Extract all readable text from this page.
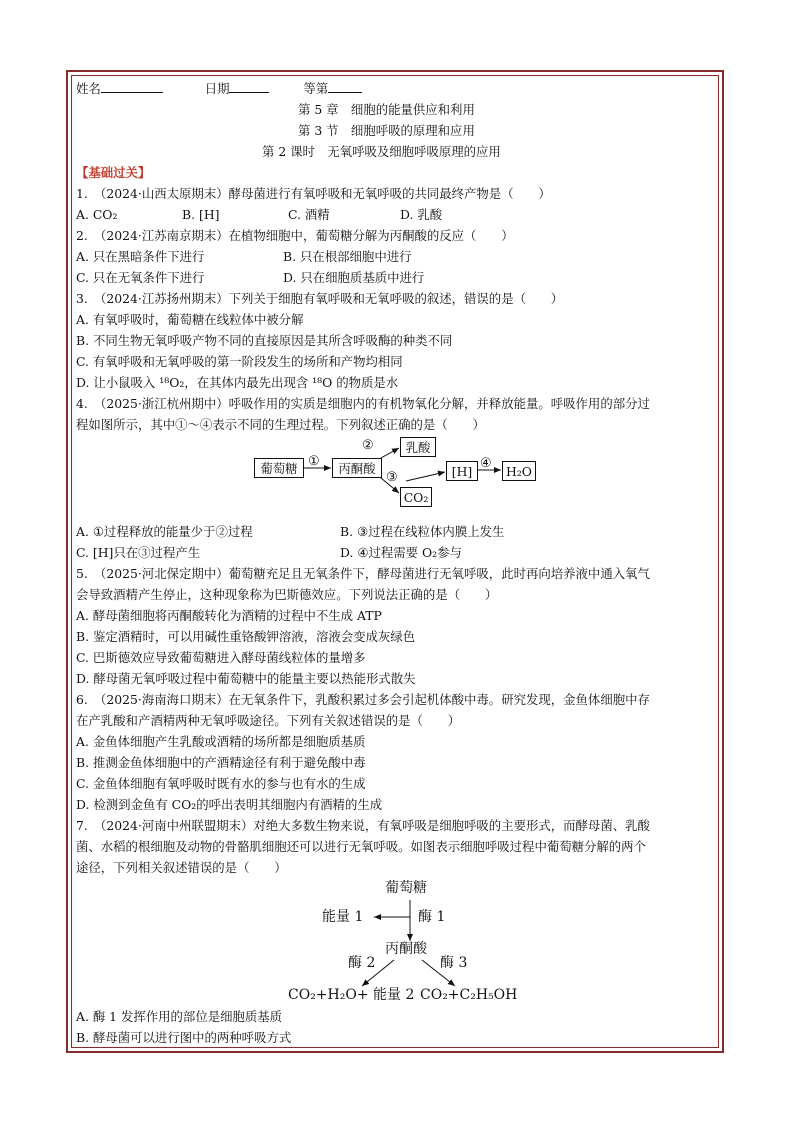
姓名	日期	等第
第 5 章　细胞的能量供应和利用
第 3 节　细胞呼吸的原理和应用
第 2 课时　无氧呼吸及细胞呼吸原理的应用
【基础过关】
1.　（2024·山西太原期末）酵母菌进行有氧呼吸和无氧呼吸的共同最终产物是（　　）
A. CO₂	B. [H]	C. 酒精	D. 乳酸
2.　（2024·江苏南京期末）在植物细胞中，葡萄糖分解为丙酮酸的反应（　　）
A. 只在黑暗条件下进行	B. 只在根部细胞中进行
C. 只在无氧条件下进行	D. 只在细胞质基质中进行
3.　（2024·江苏扬州期末）下列关于细胞有氧呼吸和无氧呼吸的叙述，错误的是（　　）
A. 有氧呼吸时，葡萄糖在线粒体中被分解
B. 不同生物无氧呼吸产物不同的直接原因是其所含呼吸酶的种类不同
C. 有氧呼吸和无氧呼吸的第一阶段发生的场所和产物均相同
D. 让小鼠吸入 ¹⁸O₂，在其体内最先出现含 ¹⁸O 的物质是水
4.　（2025·浙江杭州期中）呼吸作用的实质是细胞内的有机物氧化分解，并释放能量。呼吸作用的部分过
程如图所示，其中①～④表示不同的生理过程。下列叙述正确的是（　　）
葡萄糖	丙酮酸
乳酸
[H]	H₂O
CO₂
①
②
③
④
A. ①过程释放的能量少于②过程	B. ③过程在线粒体内膜上发生
C. [H]只在③过程产生	D. ④过程需要 O₂参与
5.　（2025·河北保定期中）葡萄糖充足且无氧条件下，酵母菌进行无氧呼吸，此时再向培养液中通入氧气
会导致酒精产生停止，这种现象称为巴斯德效应。下列说法正确的是（　　）
A. 酵母菌细胞将丙酮酸转化为酒精的过程中不生成 ATP
B. 鉴定酒精时，可以用碱性重铬酸钾溶液，溶液会变成灰绿色
C. 巴斯德效应导致葡萄糖进入酵母菌线粒体的量增多
D. 酵母菌无氧呼吸过程中葡萄糖中的能量主要以热能形式散失
6.　（2025·海南海口期末）在无氧条件下，乳酸积累过多会引起机体酸中毒。研究发现，金鱼体细胞中存
在产乳酸和产酒精两种无氧呼吸途径。下列有关叙述错误的是（　　）
A. 金鱼体细胞产生乳酸或酒精的场所都是细胞质基质
B. 推测金鱼体细胞中的产酒精途径有利于避免酸中毒
C. 金鱼体细胞有氧呼吸时既有水的参与也有水的生成
D. 检测到金鱼有 CO₂的呼出表明其细胞内有酒精的生成
7.　（2024·河南中州联盟期末）对绝大多数生物来说，有氧呼吸是细胞呼吸的主要形式，而酵母菌、乳酸
菌、水稻的根细胞及动物的骨骼肌细胞还可以进行无氧呼吸。如图表示细胞呼吸过程中葡萄糖分解的两个
途径，下列相关叙述错误的是（　　）
葡萄糖
能量 1	酶 1
丙酮酸
酶 2	酶 3
CO₂+H₂O+ 能量 2 CO₂+C₂H₅OH
A. 酶 1 发挥作用的部位是细胞质基质
B. 酵母菌可以进行图中的两种呼吸方式
